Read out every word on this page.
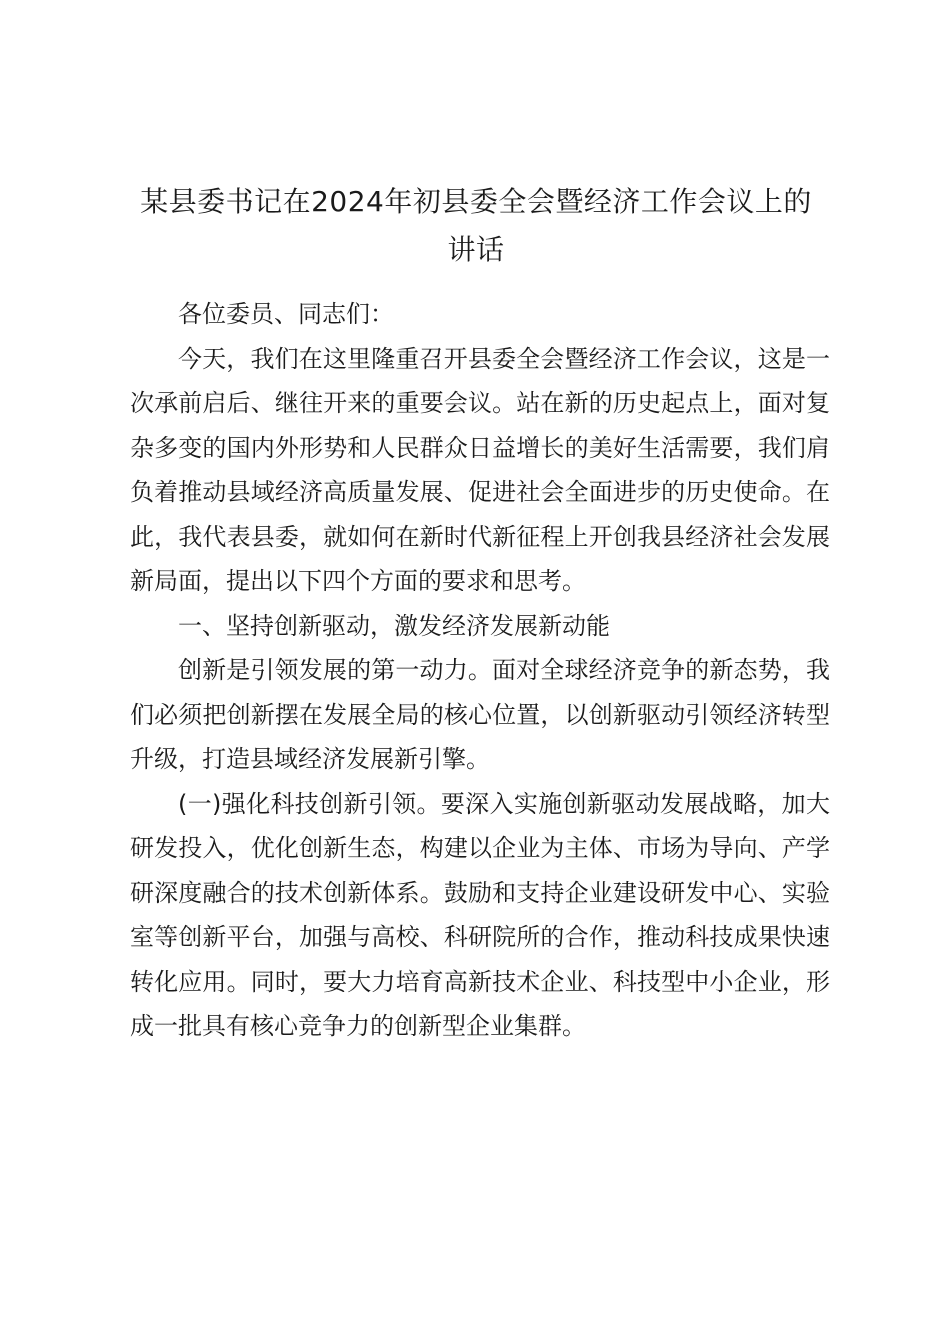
某县委书记在2024年初县委全会暨经济工作会议上的
讲话

各位委员、同志们：

今天，我们在这里隆重召开县委全会暨经济工作会议，这是一次承前启后、继往开来的重要会议。站在新的历史起点上，面对复杂多变的国内外形势和人民群众日益增长的美好生活需要，我们肩负着推动县域经济高质量发展、促进社会全面进步的历史使命。在此，我代表县委，就如何在新时代新征程上开创我县经济社会发展新局面，提出以下四个方面的要求和思考。

一、坚持创新驱动，激发经济发展新动能

创新是引领发展的第一动力。面对全球经济竞争的新态势，我们必须把创新摆在发展全局的核心位置，以创新驱动引领经济转型升级，打造县域经济发展新引擎。

(一)强化科技创新引领。要深入实施创新驱动发展战略，加大研发投入，优化创新生态，构建以企业为主体、市场为导向、产学研深度融合的技术创新体系。鼓励和支持企业建设研发中心、实验室等创新平台，加强与高校、科研院所的合作，推动科技成果快速转化应用。同时，要大力培育高新技术企业、科技型中小企业，形成一批具有核心竞争力的创新型企业集群。
